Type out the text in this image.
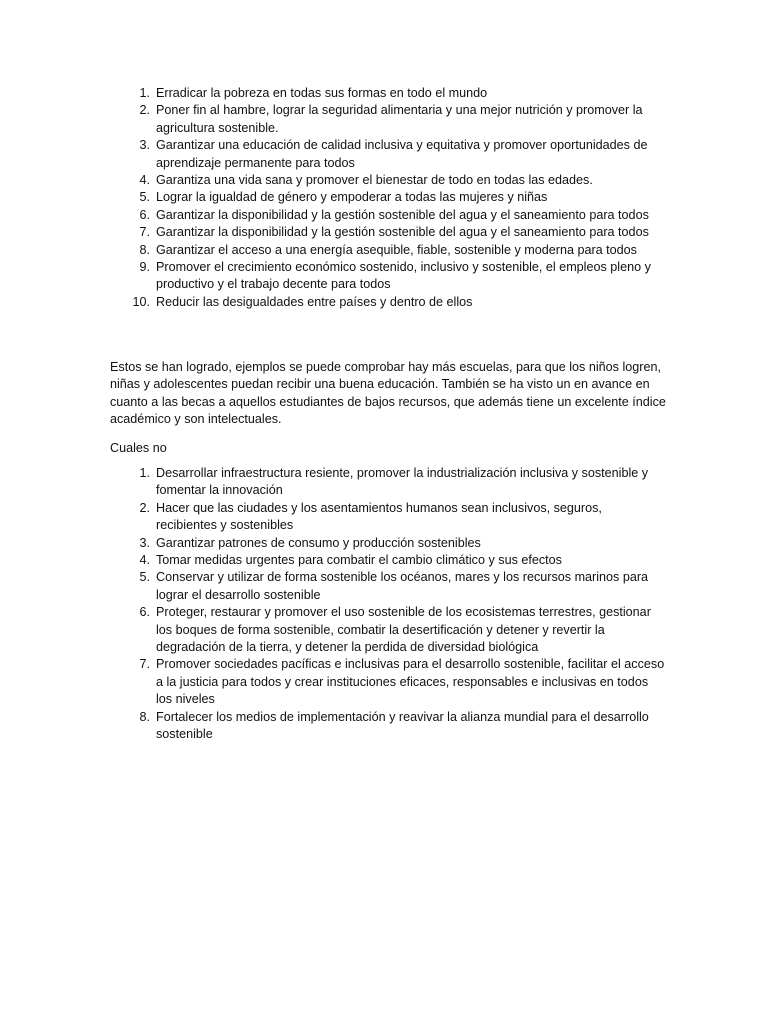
1. Erradicar la pobreza en todas sus formas en todo el mundo
2. Poner fin al hambre, lograr la seguridad alimentaria y una mejor nutrición y promover la agricultura sostenible.
3. Garantizar una educación de calidad inclusiva y equitativa y promover oportunidades de aprendizaje permanente para todos
4. Garantiza una vida sana y promover el bienestar de todo en todas las edades.
5. Lograr la igualdad de género y empoderar a todas las mujeres y niñas
6. Garantizar la disponibilidad y la gestión sostenible del agua y el saneamiento para todos
7. Garantizar la disponibilidad y la gestión sostenible del agua y el saneamiento para todos
8. Garantizar el acceso a una energía asequible, fiable, sostenible y moderna para todos
9. Promover el crecimiento económico sostenido, inclusivo y sostenible, el empleos pleno y productivo y el trabajo decente para todos
10. Reducir las desigualdades entre países y dentro de ellos

Estos se han logrado, ejemplos se puede comprobar hay más escuelas, para que los niños logren, niñas y adolescentes puedan recibir una buena educación. También se ha visto un en avance en cuanto a las becas a aquellos estudiantes de bajos recursos, que además tiene un excelente índice académico y son intelectuales.

Cuales no

1. Desarrollar infraestructura resiente, promover la industrialización inclusiva y sostenible y fomentar la innovación
2. Hacer que las ciudades y los asentamientos humanos sean inclusivos, seguros, recibientes y sostenibles
3. Garantizar patrones de consumo y producción sostenibles
4. Tomar medidas urgentes para combatir el cambio climático y sus efectos
5. Conservar y utilizar de forma sostenible los océanos, mares y los recursos marinos para lograr el desarrollo sostenible
6. Proteger, restaurar y promover el uso sostenible de los ecosistemas terrestres, gestionar los boques de forma sostenible, combatir la desertificación y detener y revertir la degradación de la tierra, y detener la perdida de diversidad biológica
7. Promover sociedades pacíficas e inclusivas para el desarrollo sostenible, facilitar el acceso a la justicia para todos y crear instituciones eficaces, responsables e inclusivas en todos los niveles
8. Fortalecer los medios de implementación y reavivar la alianza mundial para el desarrollo sostenible
